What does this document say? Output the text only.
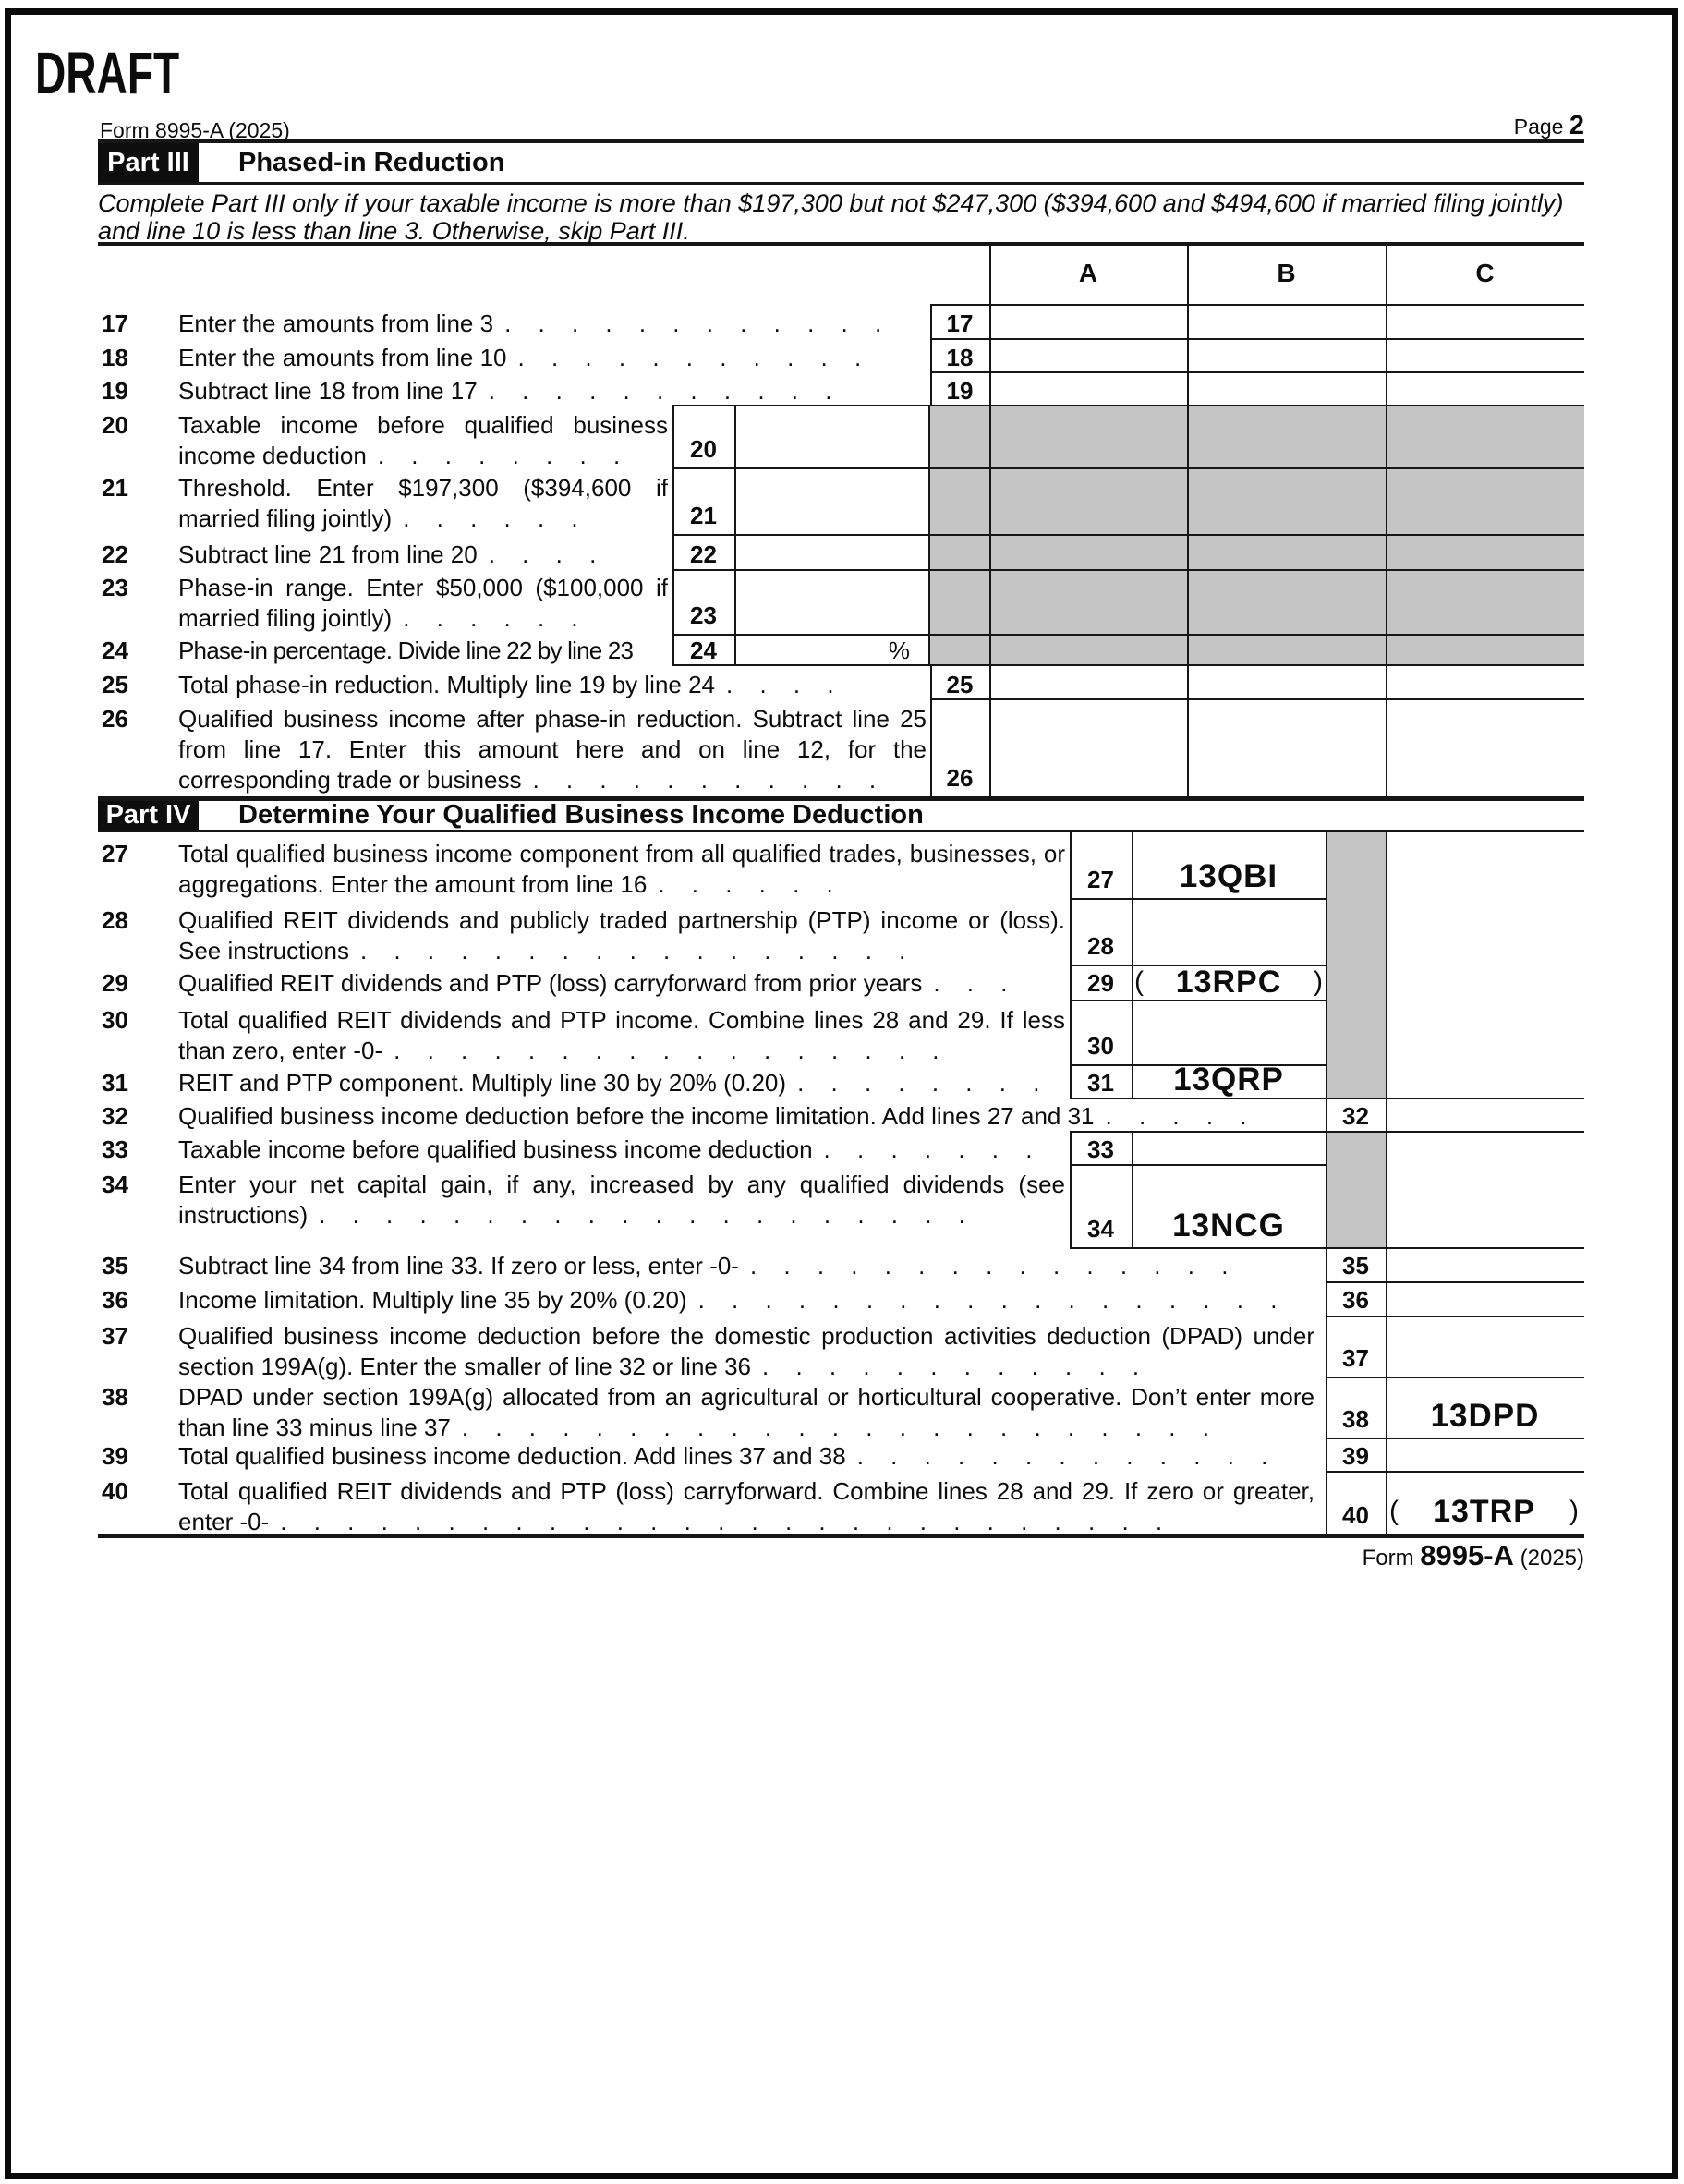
DRAFT
Form 8995-A (2025)	Page 2
Part III	Phased-in Reduction
Complete Part III only if your taxable income is more than $197,300 but not $247,300 ($394,600 and $494,600 if married filing jointly)
and line 10 is less than line 3. Otherwise, skip Part III.
A	B	C
17 Enter the amounts from line 3 . . . . . . . . . . . .	17
18 Enter the amounts from line 10 . . . . . . . . . . .	18
19 Subtract line 18 from line 17 . . . . . . . . . . .	19
20 Taxable income before qualified business income deduction . . . . . . . .	20
21 Threshold. Enter $197,300 ($394,600 if married filing jointly) . . . . . .	21
22 Subtract line 21 from line 20 . . . .	22
23 Phase-in range. Enter $50,000 ($100,000 if married filing jointly) . . . . . .	23
24 Phase-in percentage. Divide line 22 by line 23	24	%
25 Total phase-in reduction. Multiply line 19 by line 24 . . . .	25
26 Qualified business income after phase-in reduction. Subtract line 25 from line 17. Enter this amount here and on line 12, for the corresponding trade or business . . . . . . . . . . .	26
Part IV Determine Your Qualified Business Income Deduction
27 Total qualified business income component from all qualified trades, businesses, or aggregations. Enter the amount from line 16 . . . . . .	27	13QBI
28 Qualified REIT dividends and publicly traded partnership (PTP) income or (loss). See instructions . . . . . . . . . . . . . . . . .	28
29 Qualified REIT dividends and PTP (loss) carryforward from prior years . . .	29 ( 13RPC )
30 Total qualified REIT dividends and PTP income. Combine lines 28 and 29. If less than zero, enter -0- . . . . . . . . . . . . . . . . .	30
31 REIT and PTP component. Multiply line 30 by 20% (0.20) . . . . . . . .	31	13QRP
32 Qualified business income deduction before the income limitation. Add lines 27 and 31 . . . . .	32
33 Taxable income before qualified business income deduction . . . . . . .	33
34 Enter your net capital gain, if any, increased by any qualified dividends (see instructions) . . . . . . . . . . . . . . . . . . . .	34	13NCG
35 Subtract line 34 from line 33. If zero or less, enter -0- . . . . . . . . . . . . . . .	35
36 Income limitation. Multiply line 35 by 20% (0.20) . . . . . . . . . . . . . . . . . .	36
37 Qualified business income deduction before the domestic production activities deduction (DPAD) under section 199A(g). Enter the smaller of line 32 or line 36 . . . . . . . . . . . .	37
38 DPAD under section 199A(g) allocated from an agricultural or horticultural cooperative. Don’t enter more than line 33 minus line 37 . . . . . . . . . . . . . . . . . . . . . . .	38	13DPD
39 Total qualified business income deduction. Add lines 37 and 38 . . . . . . . . . . . . .	39
40 Total qualified REIT dividends and PTP (loss) carryforward. Combine lines 28 and 29. If zero or greater, enter -0- . . . . . . . . . . . . . . . . . . . . . . . . . . .	40 ( 13TRP )
Form 8995-A (2025)
